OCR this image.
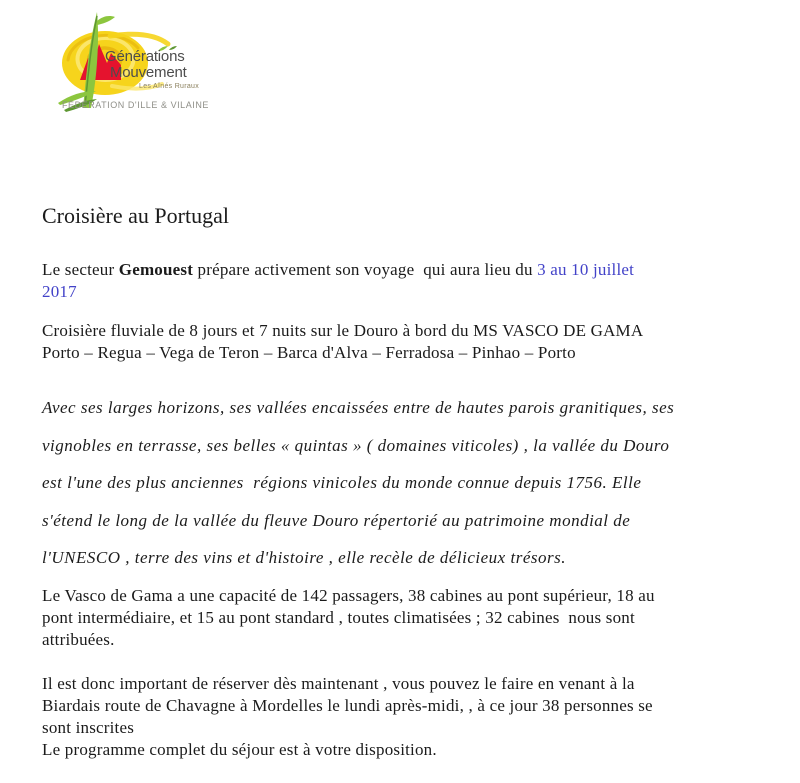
Générations
Mouvement
Les Aînés Ruraux
FÉDÉRATION D'ILLE & VILAINE
Croisière au Portugal
Le secteur Gemouest prépare activement son voyage  qui aura lieu du 3 au 10 juillet
2017
Croisière fluviale de 8 jours et 7 nuits sur le Douro à bord du MS VASCO DE GAMA
Porto – Regua – Vega de Teron – Barca d'Alva – Ferradosa – Pinhao – Porto
Avec ses larges horizons, ses vallées encaissées entre de hautes parois granitiques, ses
vignobles en terrasse, ses belles « quintas » ( domaines viticoles) , la vallée du Douro
est l'une des plus anciennes  régions vinicoles du monde connue depuis 1756. Elle
s'étend le long de la vallée du fleuve Douro répertorié au patrimoine mondial de
l'UNESCO , terre des vins et d'histoire , elle recèle de délicieux trésors.
Le Vasco de Gama a une capacité de 142 passagers, 38 cabines au pont supérieur, 18 au
pont intermédiaire, et 15 au pont standard , toutes climatisées ; 32 cabines  nous sont
attribuées.
Il est donc important de réserver dès maintenant , vous pouvez le faire en venant à la
Biardais route de Chavagne à Mordelles le lundi après-midi, , à ce jour 38 personnes se
sont inscrites
Le programme complet du séjour est à votre disposition.
